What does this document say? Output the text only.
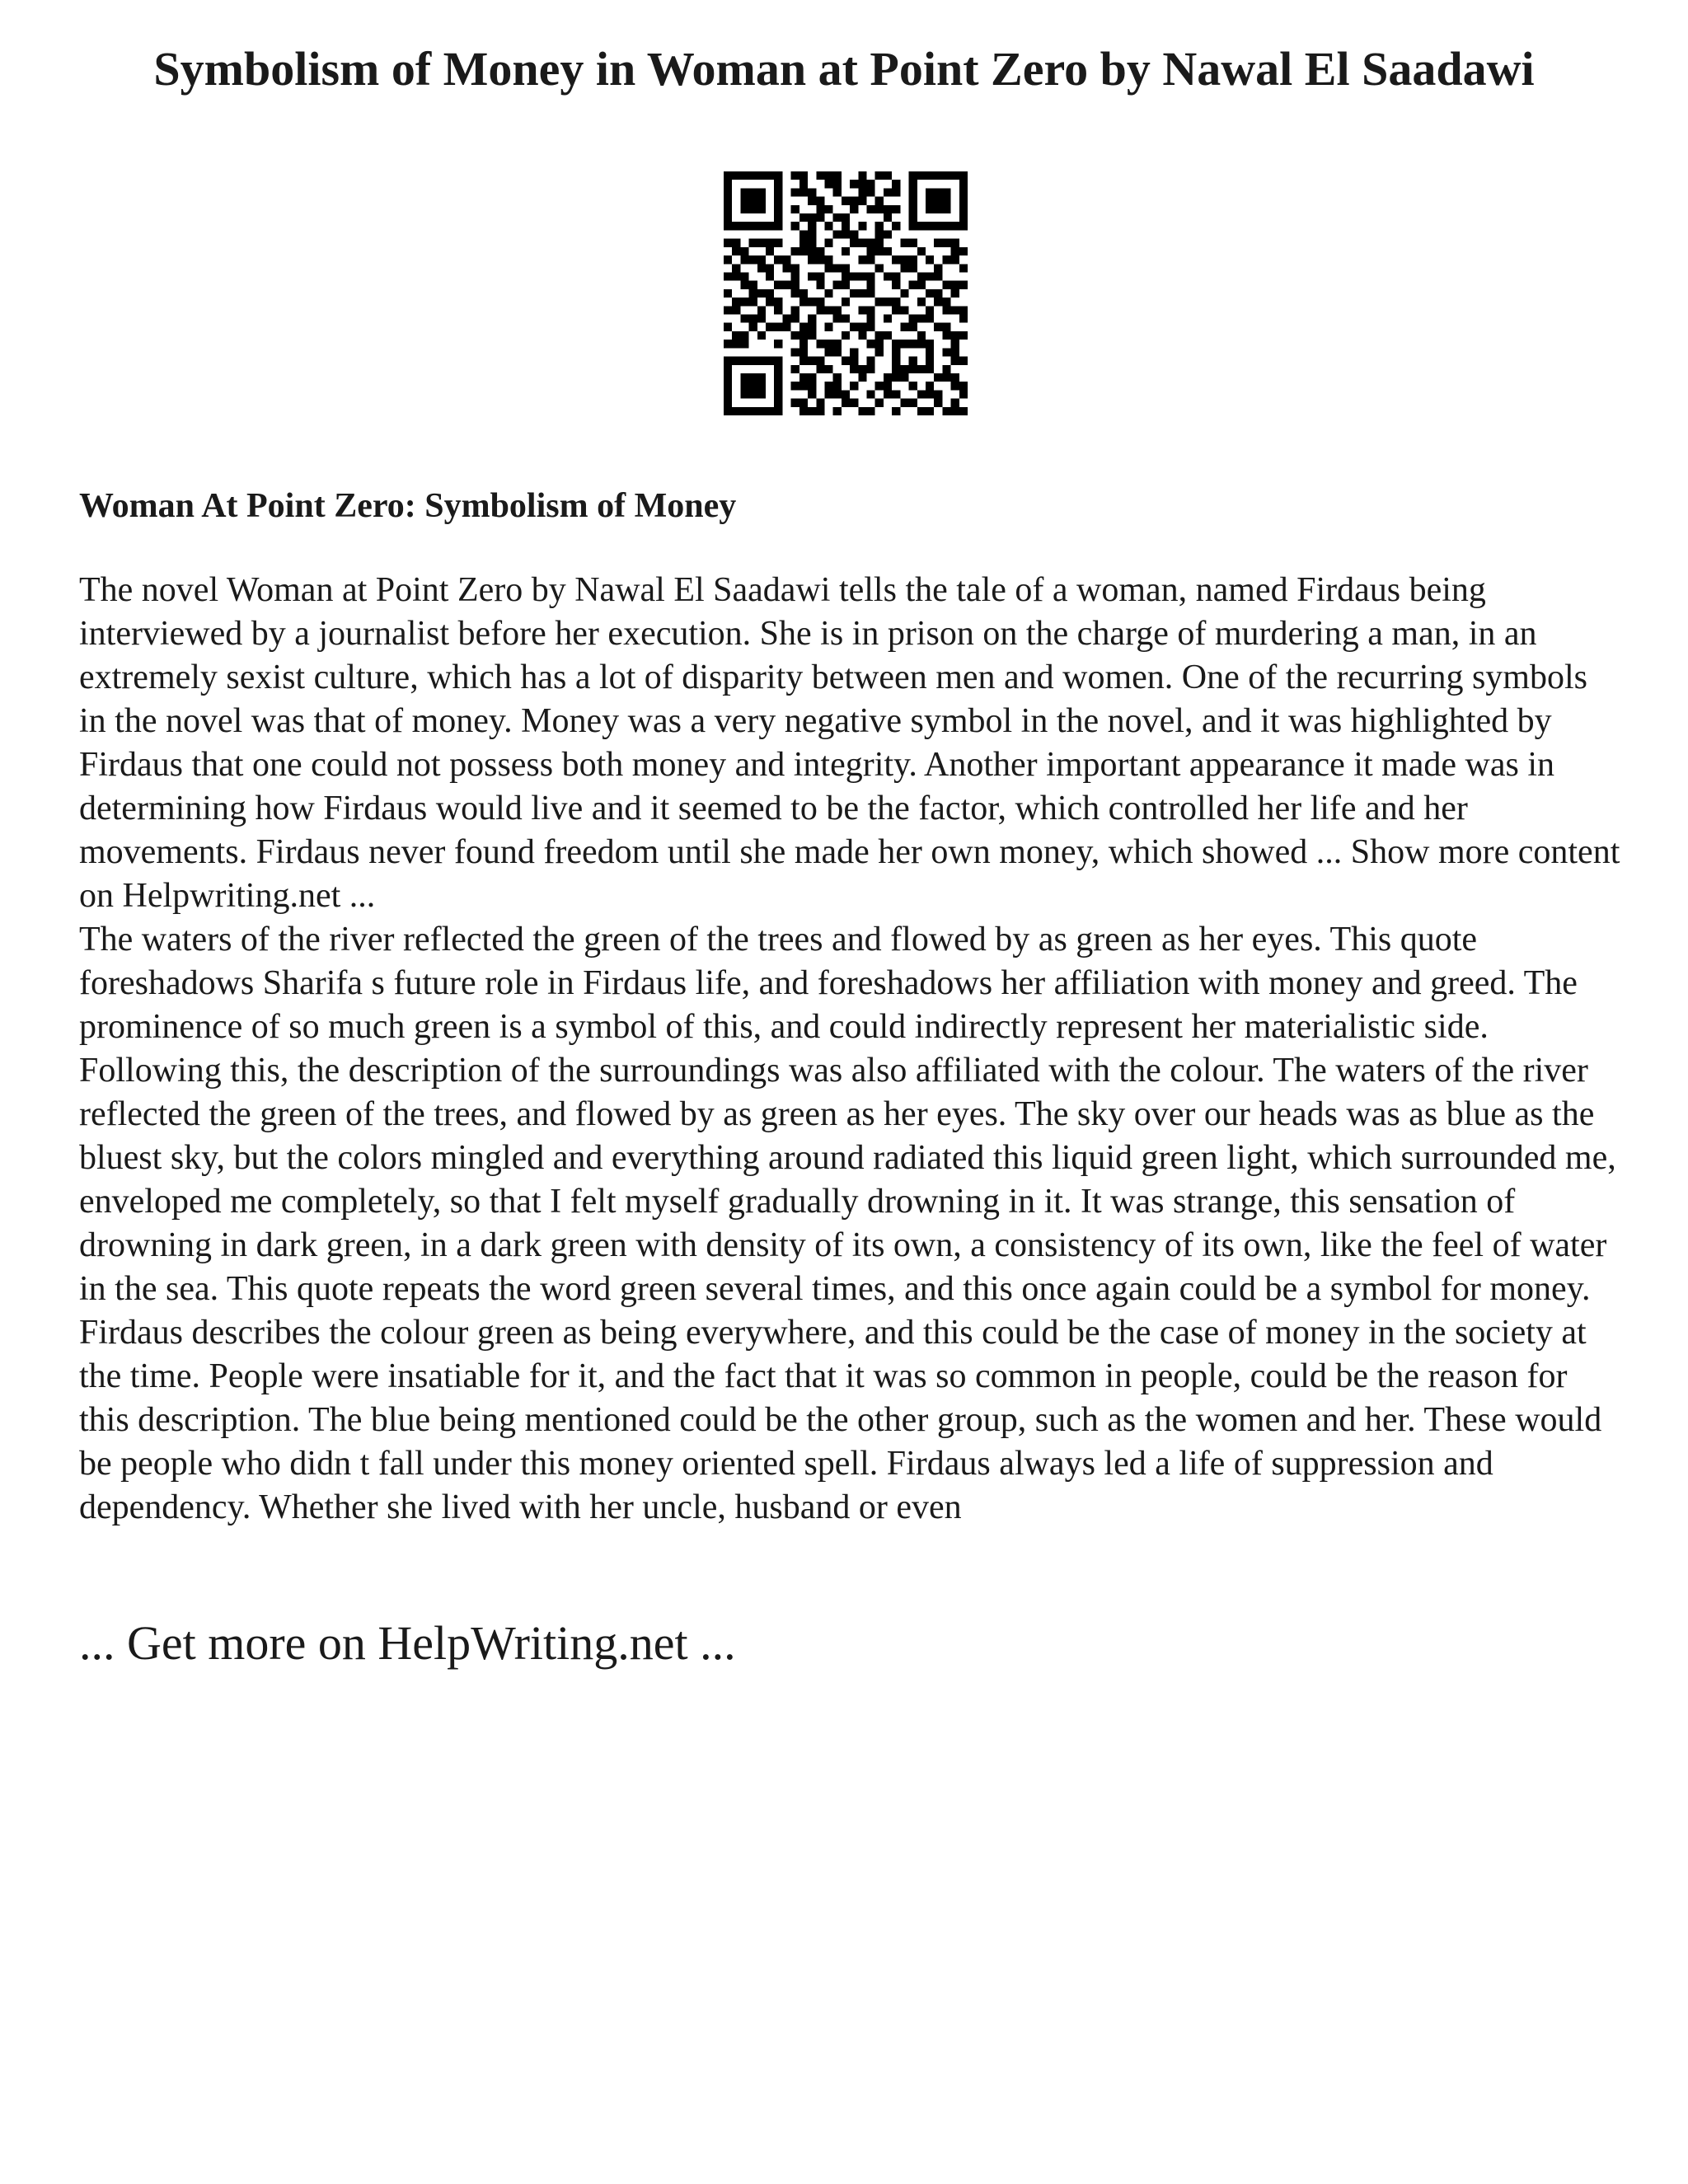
Symbolism of Money in Woman at Point Zero by Nawal El Saadawi
Woman At Point Zero: Symbolism of Money

The novel Woman at Point Zero by Nawal El Saadawi tells the tale of a woman, named Firdaus being interviewed by a journalist before her execution. She is in prison on the charge of murdering a man, in an extremely sexist culture, which has a lot of disparity between men and women. One of the recurring symbols in the novel was that of money. Money was a very negative symbol in the novel, and it was highlighted by Firdaus that one could not possess both money and integrity. Another important appearance it made was in determining how Firdaus would live and it seemed to be the factor, which controlled her life and her movements. Firdaus never found freedom until she made her own money, which showed ... Show more content on Helpwriting.net ...

The waters of the river reflected the green of the trees and flowed by as green as her eyes. This quote foreshadows Sharifa s future role in Firdaus life, and foreshadows her affiliation with money and greed. The prominence of so much green is a symbol of this, and could indirectly represent her materialistic side. Following this, the description of the surroundings was also affiliated with the colour. The waters of the river reflected the green of the trees, and flowed by as green as her eyes. The sky over our heads was as blue as the bluest sky, but the colors mingled and everything around radiated this liquid green light, which surrounded me, enveloped me completely, so that I felt myself gradually drowning in it. It was strange, this sensation of drowning in dark green, in a dark green with density of its own, a consistency of its own, like the feel of water in the sea. This quote repeats the word green several times, and this once again could be a symbol for money. Firdaus describes the colour green as being everywhere, and this could be the case of money in the society at the time. People were insatiable for it, and the fact that it was so common in people, could be the reason for this description. The blue being mentioned could be the other group, such as the women and her. These would be people who didn t fall under this money oriented spell. Firdaus always led a life of suppression and dependency. Whether she lived with her uncle, husband or even

... Get more on HelpWriting.net ...
